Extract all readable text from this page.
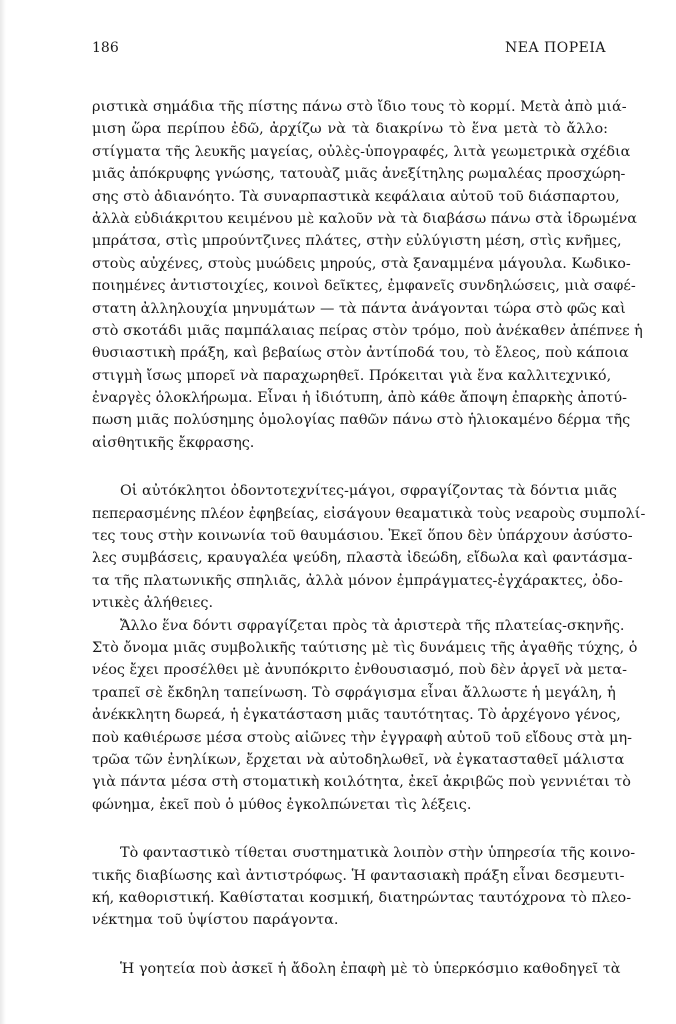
186	ΝΕΑ ΠΟΡΕΙΑ
ριστικὰ σημάδια τῆς πίστης πάνω στὸ ἴδιο τους τὸ κορμί. Μετὰ ἀπὸ μιά-
μιση ὥρα περίπου ἐδῶ, ἀρχίζω νὰ τὰ διακρίνω τὸ ἕνα μετὰ τὸ ἄλλο:
στίγματα τῆς λευκῆς μαγείας, οὐλὲς-ὑπογραφές, λιτὰ γεωμετρικὰ σχέδια
μιᾶς ἀπόκρυφης γνώσης, τατουὰζ μιᾶς ἀνεξίτηλης ρωμαλέας προσχώρη-
σης στὸ ἀδιανόητο. Τὰ συναρπαστικὰ κεφάλαια αὐτοῦ τοῦ διάσπαρτου,
ἀλλὰ εὐδιάκριτου κειμένου μὲ καλοῦν νὰ τὰ διαβάσω πάνω στὰ ἱδρωμένα
μπράτσα, στὶς μπρούντζινες πλάτες, στὴν εὐλύγιστη μέση, στὶς κνῆμες,
στοὺς αὐχένες, στοὺς μυώδεις μηρούς, στὰ ξαναμμένα μάγουλα. Κωδικο-
ποιημένες ἀντιστοιχίες, κοινοὶ δεῖκτες, ἐμφανεῖς συνδηλώσεις, μιὰ σαφέ-
στατη ἀλληλουχία μηνυμάτων — τὰ πάντα ἀνάγονται τώρα στὸ φῶς καὶ
στὸ σκοτάδι μιᾶς παμπάλαιας πείρας στὸν τρόμο, ποὺ ἀνέκαθεν ἀπέπνεε ἡ
θυσιαστικὴ πράξη, καὶ βεβαίως στὸν ἀντίποδά του, τὸ ἔλεος, ποὺ κάποια
στιγμὴ ἴσως μπορεῖ νὰ παραχωρηθεῖ. Πρόκειται γιὰ ἕνα καλλιτεχνικό,
ἐναργὲς ὁλοκλήρωμα. Εἶναι ἡ ἰδιότυπη, ἀπὸ κάθε ἄποψη ἐπαρκὴς ἀποτύ-
πωση μιᾶς πολύσημης ὁμολογίας παθῶν πάνω στὸ ἡλιοκαμένο δέρμα τῆς
αἰσθητικῆς ἔκφρασης.
Οἱ αὐτόκλητοι ὀδοντοτεχνίτες-μάγοι, σφραγίζοντας τὰ δόντια μιᾶς
πεπερασμένης πλέον ἐφηβείας, εἰσάγουν θεαματικὰ τοὺς νεαροὺς συμπολί-
τες τους στὴν κοινωνία τοῦ θαυμάσιου. Ἐκεῖ ὅπου δὲν ὑπάρχουν ἀσύστο-
λες συμβάσεις, κραυγαλέα ψεύδη, πλαστὰ ἰδεώδη, εἴδωλα καὶ φαντάσμα-
τα τῆς πλατωνικῆς σπηλιᾶς, ἀλλὰ μόνον ἐμπράγματες-ἐγχάρακτες, ὀδο-
ντικὲς ἀλήθειες.
Ἄλλο ἕνα δόντι σφραγίζεται πρὸς τὰ ἀριστερὰ τῆς πλατείας-σκηνῆς.
Στὸ ὄνομα μιᾶς συμβολικῆς ταύτισης μὲ τὶς δυνάμεις τῆς ἀγαθῆς τύχης, ὁ
νέος ἔχει προσέλθει μὲ ἀνυπόκριτο ἐνθουσιασμό, ποὺ δὲν ἀργεῖ νὰ μετα-
τραπεῖ σὲ ἔκδηλη ταπείνωση. Τὸ σφράγισμα εἶναι ἄλλωστε ἡ μεγάλη, ἡ
ἀνέκκλητη δωρεά, ἡ ἐγκατάσταση μιᾶς ταυτότητας. Τὸ ἀρχέγονο γένος,
ποὺ καθιέρωσε μέσα στοὺς αἰῶνες τὴν ἐγγραφὴ αὐτοῦ τοῦ εἴδους στὰ μη-
τρῶα τῶν ἐνηλίκων, ἔρχεται νὰ αὐτοδηλωθεῖ, νὰ ἐγκατασταθεῖ μάλιστα
γιὰ πάντα μέσα στὴ στοματικὴ κοιλότητα, ἐκεῖ ἀκριβῶς ποὺ γεννιέται τὸ
φώνημα, ἐκεῖ ποὺ ὁ μύθος ἐγκολπώνεται τὶς λέξεις.
Τὸ φανταστικὸ τίθεται συστηματικὰ λοιπὸν στὴν ὑπηρεσία τῆς κοινο-
τικῆς διαβίωσης καὶ ἀντιστρόφως. Ἡ φαντασιακὴ πράξη εἶναι δεσμευτι-
κή, καθοριστική. Καθίσταται κοσμική, διατηρώντας ταυτόχρονα τὸ πλεο-
νέκτημα τοῦ ὑψίστου παράγοντα.
Ἡ γοητεία ποὺ ἀσκεῖ ἡ ἄδολη ἐπαφὴ μὲ τὸ ὑπερκόσμιο καθοδηγεῖ τὰ
